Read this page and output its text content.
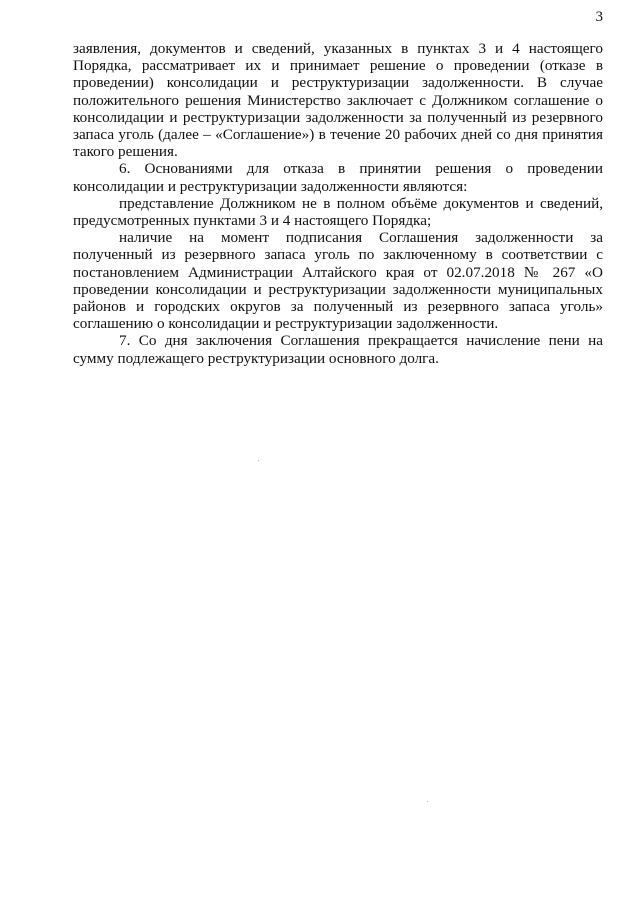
3

заявления, документов и сведений, указанных в пунктах 3 и 4 настоящего Порядка, рассматривает их и принимает решение о проведении (отказе в проведении) консолидации и реструктуризации задолженности. В случае положительного решения Министерство заключает с Должником соглашение о консолидации и реструктуризации задолженности за полученный из резервного запаса уголь (далее – «Соглашение») в течение 20 рабочих дней со дня принятия такого решения.

6. Основаниями для отказа в принятии решения о проведении консолидации и реструктуризации задолженности являются:

представление Должником не в полном объёме документов и сведений, предусмотренных пунктами 3 и 4 настоящего Порядка;

наличие на момент подписания Соглашения задолженности за полученный из резервного запаса уголь по заключенному в соответствии с постановлением Администрации Алтайского края от 02.07.2018 № 267 «О проведении консолидации и реструктуризации задолженности муниципальных районов и городских округов за полученный из резервного запаса уголь» соглашению о консолидации и реструктуризации задолженности.

7. Со дня заключения Соглашения прекращается начисление пени на сумму подлежащего реструктуризации основного долга.
